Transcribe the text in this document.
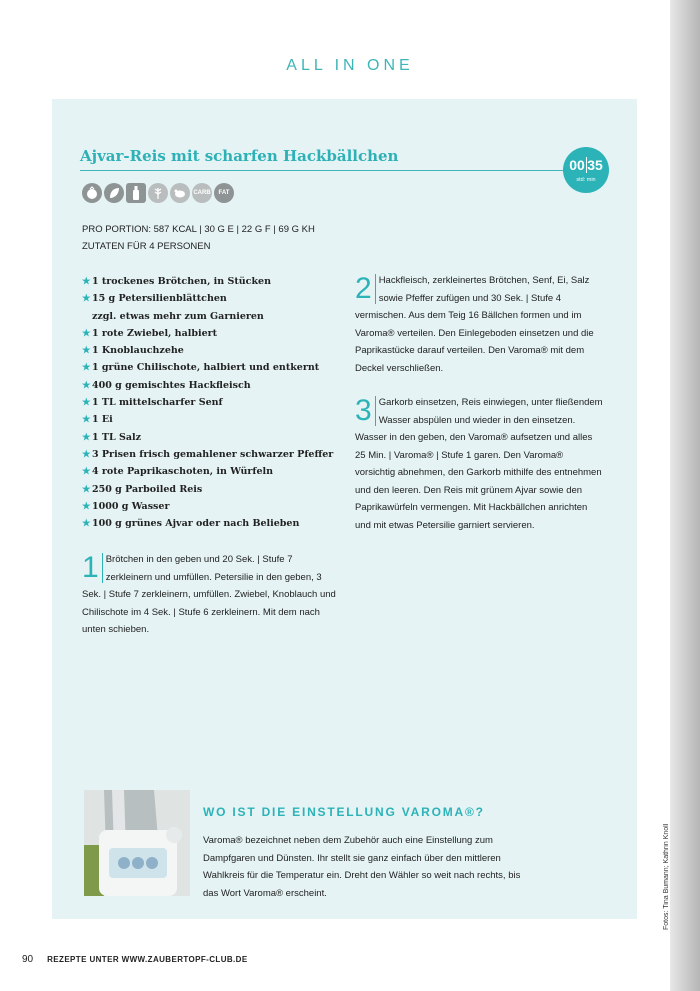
ALL IN ONE
Ajvar-Reis mit scharfen Hackbällchen	00 35
std: min
CARB FAT
PRO PORTION: 587 KCAL | 30 G E | 22 G F | 69 G KH
ZUTATEN FÜR 4 PERSONEN
★1 trockenes Brötchen, in Stücken
★15 g Petersilienblättchen
zzgl. etwas mehr zum Garnieren
★1 rote Zwiebel, halbiert
★1 Knoblauchzehe
★1 grüne Chilischote, halbiert und entkernt
★400 g gemischtes Hackfleisch
★1 TL mittelscharfer Senf
★1 Ei
★1 TL Salz
★3 Prisen frisch gemahlener schwarzer Pfeffer
★4 rote Paprikaschoten, in Würfeln
★250 g Parboiled Reis
★1000 g Wasser
★100 g grünes Ajvar oder nach Belieben
1 Brötchen in den geben und 20 Sek. | Stufe 7 zerkleinern und umfüllen. Petersilie in den geben, 3 Sek. | Stufe 7 zerkleinern, umfüllen. Zwiebel, Knoblauch und Chilischote im 4 Sek. | Stufe 6 zerkleinern. Mit dem nach unten schieben.
2 Hackfleisch, zerkleinertes Brötchen, Senf, Ei, Salz sowie Pfeffer zufügen und 30 Sek. | Stufe 4 vermischen. Aus dem Teig 16 Bällchen formen und im Varoma® verteilen. Den Einlegeboden einsetzen und die Paprikastücke darauf verteilen. Den Varoma® mit dem Deckel verschließen.
3 Garkorb einsetzen, Reis einwiegen, unter fließendem Wasser abspülen und wieder in den einsetzen. Wasser in den geben, den Varoma® aufsetzen und alles 25 Min. | Varoma® | Stufe 1 garen. Den Varoma® vorsichtig abnehmen, den Garkorb mithilfe des entnehmen und den leeren. Den Reis mit grünem Ajvar sowie den Paprikawürfeln vermengen. Mit Hackbällchen anrichten und mit etwas Petersilie garniert servieren.
WO IST DIE EINSTELLUNG VAROMA®?
Varoma® bezeichnet neben dem Zubehör auch eine Einstellung zum Dampfgaren und Dünsten. Ihr stellt sie ganz einfach über den mittleren Wahlkreis für die Temperatur ein. Dreht den Wähler so weit nach rechts, bis das Wort Varoma® erscheint.	Fotos: Tina Bumann; Kathrin Knoll
90 REZEPTE UNTER WWW.ZAUBERTOPF-CLUB.DE
